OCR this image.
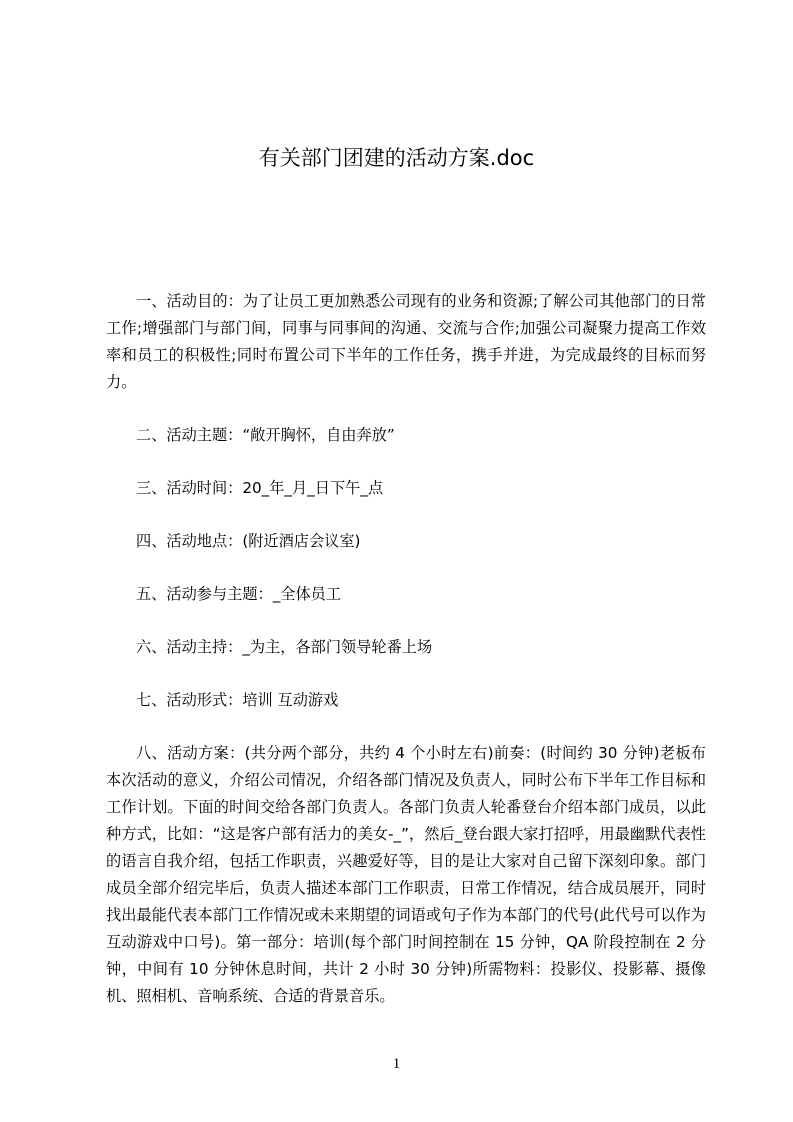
有关部门团建的活动方案.doc

一、活动目的：为了让员工更加熟悉公司现有的业务和资源;了解公司其他部门的日常工作;增强部门与部门间，同事与同事间的沟通、交流与合作;加强公司凝聚力提高工作效率和员工的积极性;同时布置公司下半年的工作任务，携手并进，为完成最终的目标而努力。

二、活动主题：“敞开胸怀，自由奔放”

三、活动时间：20_年_月_日下午_点

四、活动地点：(附近酒店会议室)

五、活动参与主题：_全体员工

六、活动主持：_为主，各部门领导轮番上场

七、活动形式：培训 互动游戏

八、活动方案：(共分两个部分，共约 4 个小时左右)前奏：(时间约 30 分钟)老板布本次活动的意义，介绍公司情况，介绍各部门情况及负责人，同时公布下半年工作目标和工作计划。下面的时间交给各部门负责人。各部门负责人轮番登台介绍本部门成员，以此种方式，比如：“这是客户部有活力的美女-_”，然后_登台跟大家打招呼，用最幽默代表性的语言自我介绍，包括工作职责，兴趣爱好等，目的是让大家对自己留下深刻印象。部门成员全部介绍完毕后，负责人描述本部门工作职责，日常工作情况，结合成员展开，同时找出最能代表本部门工作情况或未来期望的词语或句子作为本部门的代号(此代号可以作为互动游戏中口号)。第一部分：培训(每个部门时间控制在 15 分钟，QA 阶段控制在 2 分钟，中间有 10 分钟休息时间，共计 2 小时 30 分钟)所需物料：投影仪、投影幕、摄像机、照相机、音响系统、合适的背景音乐。

1
